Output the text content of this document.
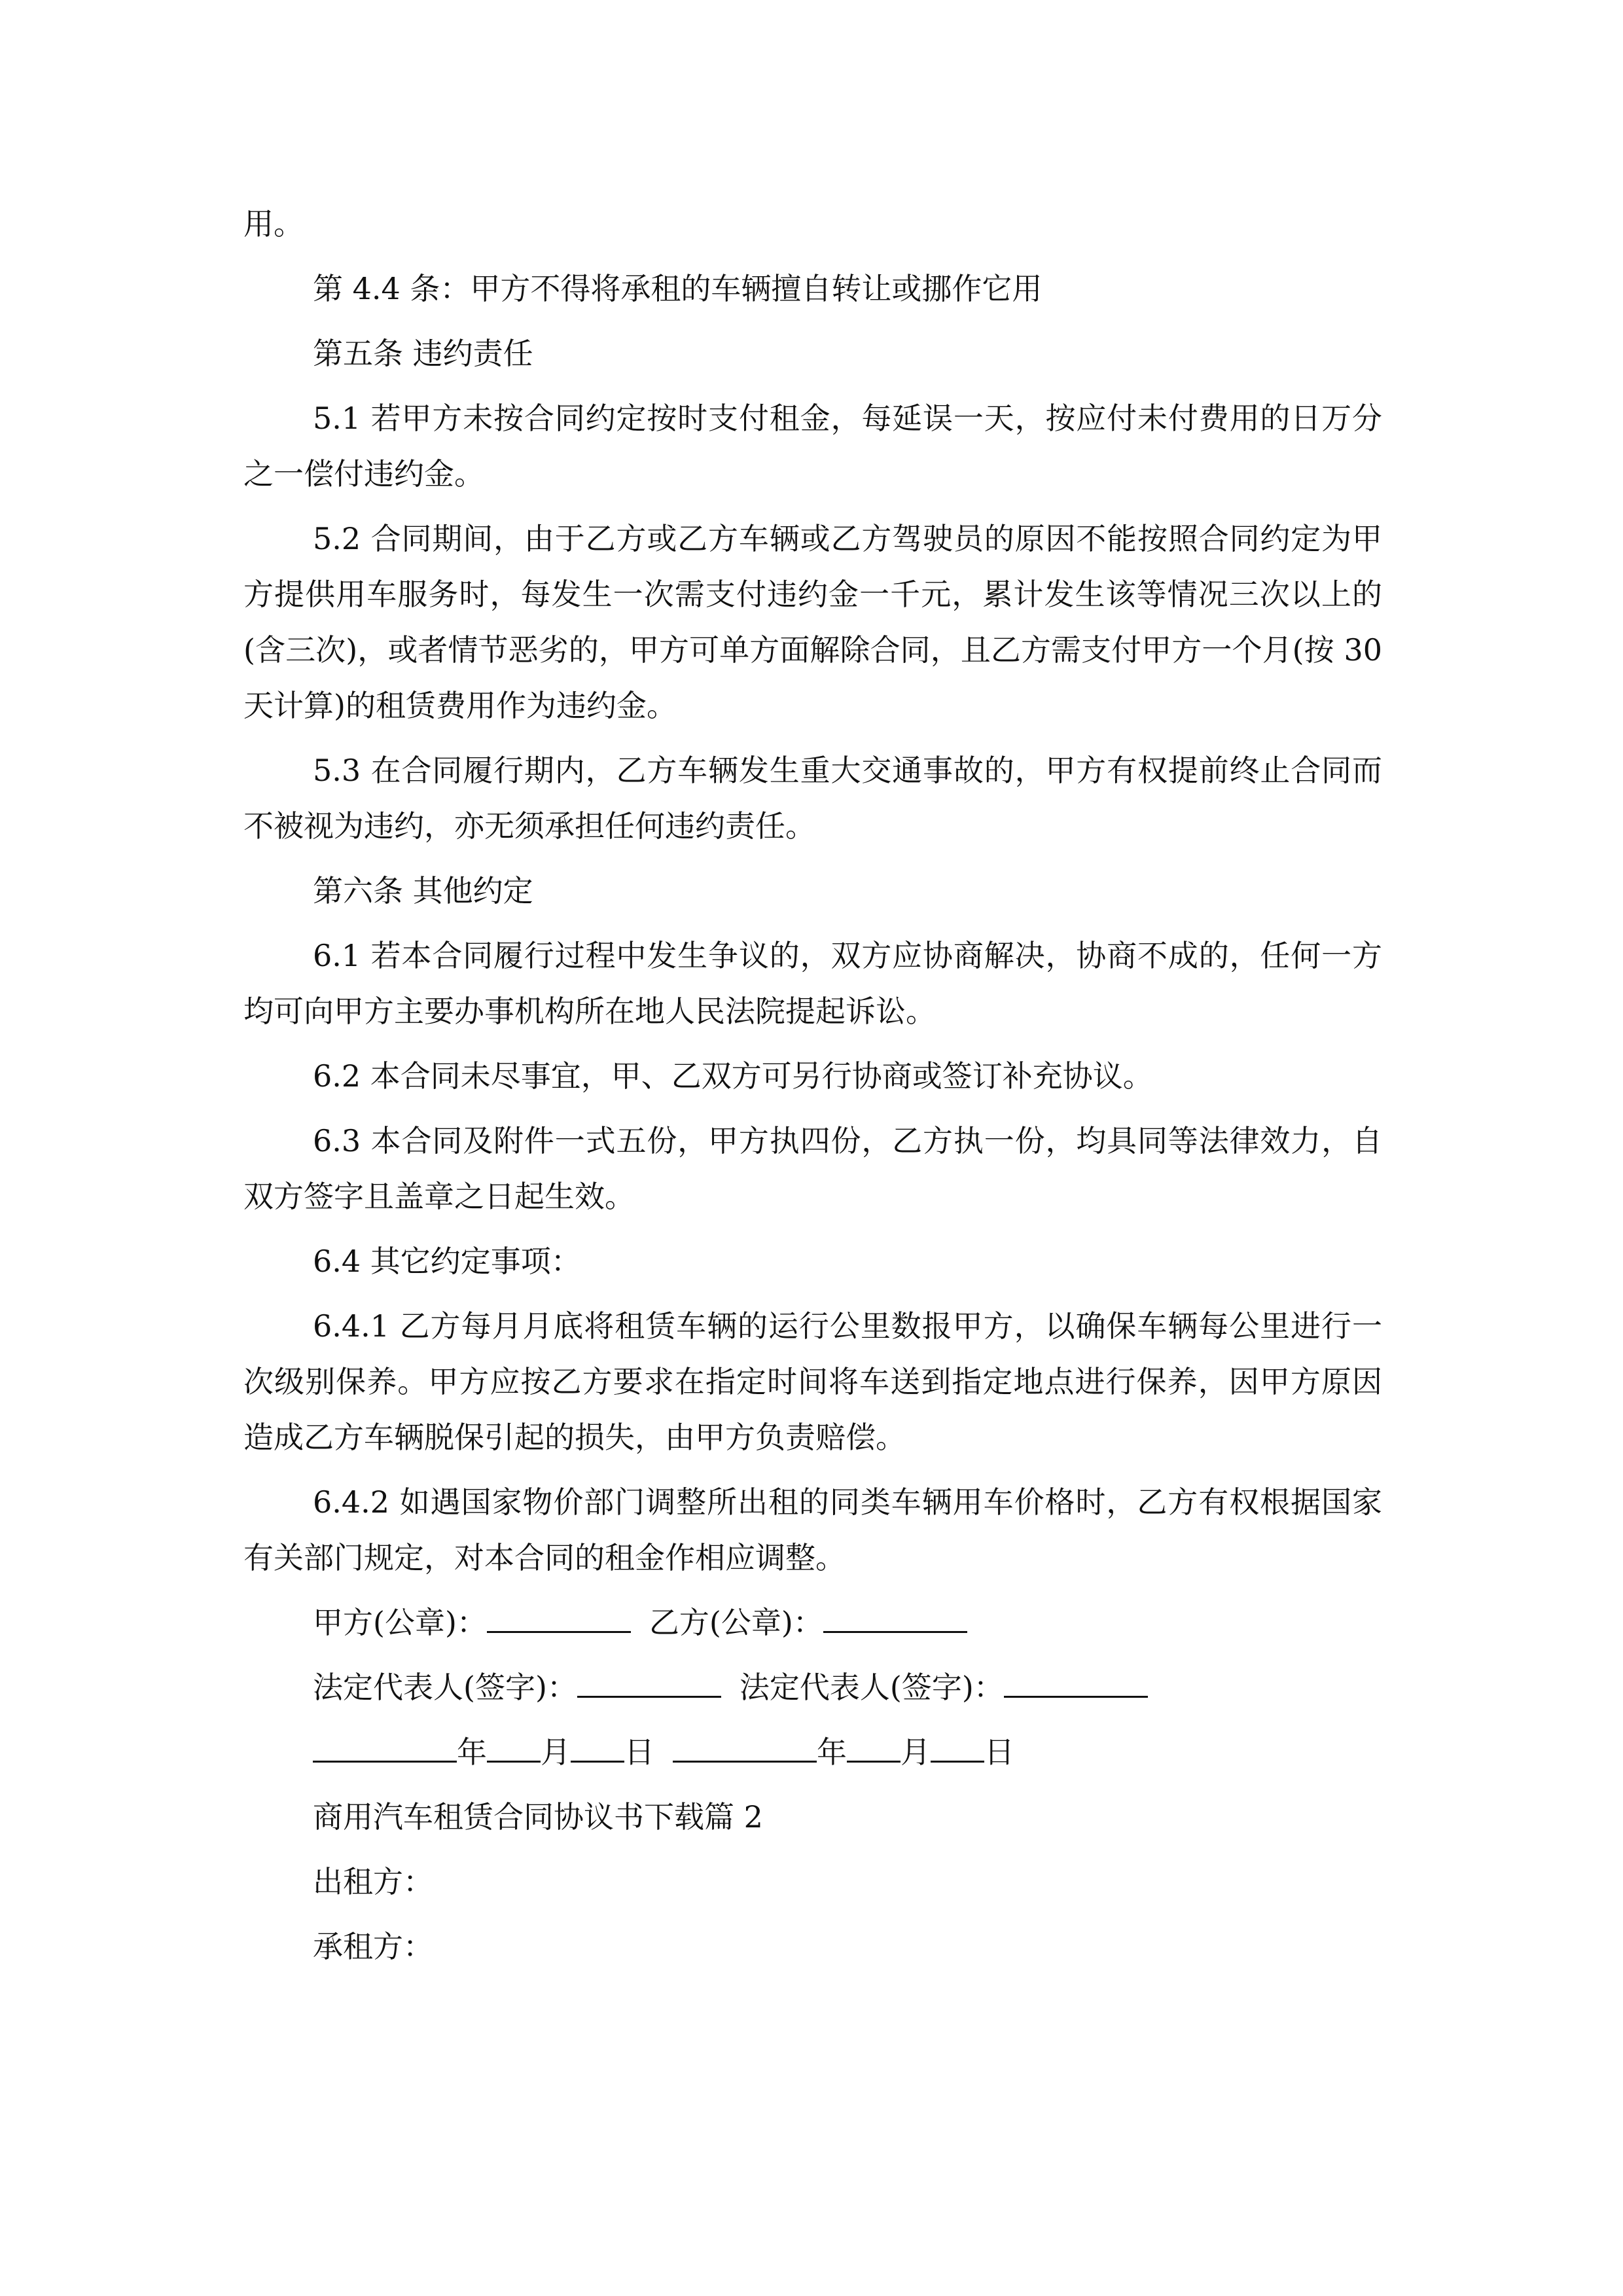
用。

第 4.4 条：甲方不得将承租的车辆擅自转让或挪作它用

第五条 违约责任

5.1 若甲方未按合同约定按时支付租金，每延误一天，按应付未付费用的日万分之一偿付违约金。

5.2 合同期间，由于乙方或乙方车辆或乙方驾驶员的原因不能按照合同约定为甲方提供用车服务时，每发生一次需支付违约金一千元，累计发生该等情况三次以上的(含三次)，或者情节恶劣的，甲方可单方面解除合同，且乙方需支付甲方一个月(按 30 天计算)的租赁费用作为违约金。

5.3 在合同履行期内，乙方车辆发生重大交通事故的，甲方有权提前终止合同而不被视为违约，亦无须承担任何违约责任。

第六条 其他约定

6.1 若本合同履行过程中发生争议的，双方应协商解决，协商不成的，任何一方均可向甲方主要办事机构所在地人民法院提起诉讼。

6.2 本合同未尽事宜，甲、乙双方可另行协商或签订补充协议。

6.3 本合同及附件一式五份，甲方执四份，乙方执一份，均具同等法律效力，自双方签字且盖章之日起生效。

6.4 其它约定事项：

6.4.1 乙方每月月底将租赁车辆的运行公里数报甲方，以确保车辆每公里进行一次级别保养。甲方应按乙方要求在指定时间将车送到指定地点进行保养，因甲方原因造成乙方车辆脱保引起的损失，由甲方负责赔偿。

6.4.2 如遇国家物价部门调整所出租的同类车辆用车价格时，乙方有权根据国家有关部门规定，对本合同的租金作相应调整。

甲方(公章)：	乙方(公章)：
法定代表人(签字)：	法定代表人(签字)：
年 月 日	年 月 日

商用汽车租赁合同协议书下载篇 2

出租方：

承租方：
